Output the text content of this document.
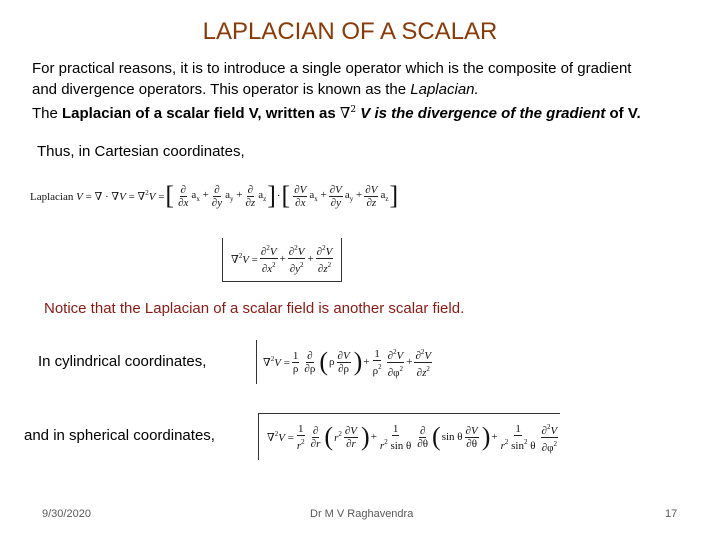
LAPLACIAN OF A SCALAR

For practical reasons, it is to introduce a single operator which is the composite of gradient

and divergence operators. This operator is known as the Laplacian.

The Laplacian of a scalar field V, written as ∇$^2$ V is the divergence of the gradient of V.

Thus, in Cartesian coordinates,
Laplacian V = ∇ · ∇V = ∇$^2$V = [ $\frac{\partial}{\partial x} a_x + \frac{\partial}{\partial y} a_y + \frac{\partial}{\partial z} a_z$ ] · [ $\frac{\partial V}{\partial x} a_x + \frac{\partial V}{\partial y} a_y + \frac{\partial V}{\partial z} a_z$ ]
$\nabla^2V = \frac{\partial^2V}{\partial x^2} + \frac{\partial^2V}{\partial y^2} + \frac{\partial^2V}{\partial z^2}$
Notice that the Laplacian of a scalar field is another scalar field.
In cylindrical coordinates,	$\nabla^2V = \frac{1}{\rho} \frac{\partial}{\partial\rho}$ ( ρ $\frac{\partial V}{\partial\rho}$ ) + $\frac{1}{\rho^2} \frac{\partial^2V}{\partial\varphi^2} + \frac{\partial^2V}{\partial z^2}$
and in spherical coordinates,	$\nabla^2V = \frac{1}{r^2} \frac{\partial}{\partial r}$ ( $r^2 \frac{\partial V}{\partial r}$ ) + $\frac{1}{r^2 \sin \theta} \frac{\partial}{\partial\theta}$ ( sin θ $\frac{\partial V}{\partial\theta}$ ) + $\frac{1}{r^2 \sin^2 \theta} \frac{\partial^2V}{\partial\varphi^2}$
9/30/2020	Dr M V Raghavendra	17
